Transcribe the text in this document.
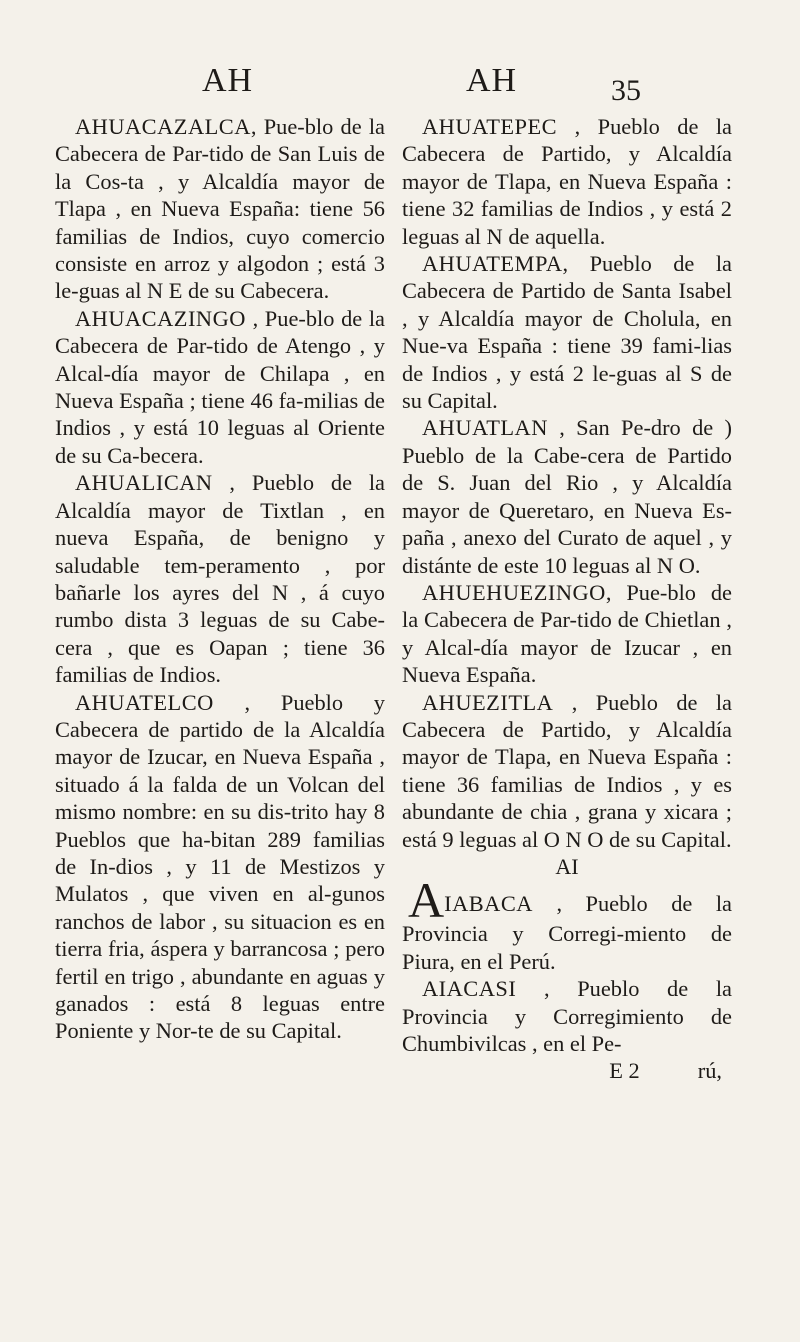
AH	AH	35

AHUACAZALCA, Pue-blo de la Cabecera de Par-tido de San Luis de la Cos-ta , y Alcaldía mayor de Tlapa , en Nueva España: tiene 56 familias de Indios, cuyo comercio consiste en arroz y algodon ; está 3 le-guas al N E de su Cabecera.

AHUACAZINGO , Pue-blo de la Cabecera de Par-tido de Atengo , y Alcal-día mayor de Chilapa , en Nueva España ; tiene 46 fa-milias de Indios , y está 10 leguas al Oriente de su Ca-becera.

AHUALICAN , Pueblo de la Alcaldía mayor de Tixtlan , en nueva España, de benigno y saludable tem-peramento , por bañarle los ayres del N , á cuyo rumbo dista 3 leguas de su Cabe-cera , que es Oapan ; tiene 36 familias de Indios.

AHUATELCO , Pueblo y Cabecera de partido de la Alcaldía mayor de Izucar, en Nueva España , situado á la falda de un Volcan del mismo nombre: en su dis-trito hay 8 Pueblos que ha-bitan 289 familias de In-dios , y 11 de Mestizos y Mulatos , que viven en al-gunos ranchos de labor , su situacion es en tierra fria, áspera y barrancosa ; pero fertil en trigo , abundante en aguas y ganados : está 8 leguas entre Poniente y Nor-te de su Capital.

AHUATEPEC , Pueblo de la Cabecera de Partido, y Alcaldía mayor de Tlapa, en Nueva España : tiene 32 familias de Indios , y está 2 leguas al N de aquella.

AHUATEMPA, Pueblo de la Cabecera de Partido de Santa Isabel , y Alcaldía mayor de Cholula, en Nue-va España : tiene 39 fami-lias de Indios , y está 2 le-guas al S de su Capital.

AHUATLAN , San Pe-dro de ) Pueblo de la Cabe-cera de Partido de S. Juan del Rio , y Alcaldía mayor de Queretaro, en Nueva Es-paña , anexo del Curato de aquel , y distánte de este 10 leguas al N O.

AHUEHUEZINGO, Pue-blo de la Cabecera de Par-tido de Chietlan , y Alcal-día mayor de Izucar , en Nueva España.

AHUEZITLA , Pueblo de la Cabecera de Partido, y Alcaldía mayor de Tlapa, en Nueva España : tiene 36 familias de Indios , y es abundante de chia , grana y xicara ; está 9 leguas al O N O de su Capital.

AI

AIABACA , Pueblo de la Provincia y Corregi-miento de Piura, en el Perú.

AIACASI , Pueblo de la Provincia y Corregimiento de Chumbivilcas , en el Pe-

E 2	rú,
